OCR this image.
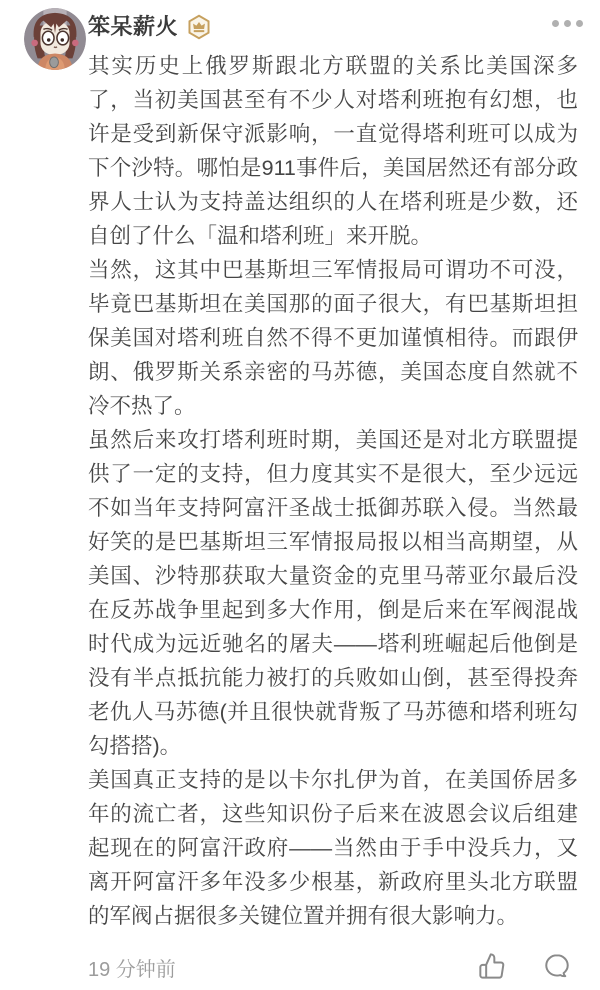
笨呆薪火

其实历史上俄罗斯跟北方联盟的关系比美国深多了，当初美国甚至有不少人对塔利班抱有幻想，也许是受到新保守派影响，一直觉得塔利班可以成为下个沙特。哪怕是911事件后，美国居然还有部分政界人士认为支持盖达组织的人在塔利班是少数，还自创了什么「温和塔利班」来开脱。

当然，这其中巴基斯坦三军情报局可谓功不可没，毕竟巴基斯坦在美国那的面子很大，有巴基斯坦担保美国对塔利班自然不得不更加谨慎相待。而跟伊朗、俄罗斯关系亲密的马苏德，美国态度自然就不冷不热了。

虽然后来攻打塔利班时期，美国还是对北方联盟提供了一定的支持，但力度其实不是很大，至少远远不如当年支持阿富汗圣战士抵御苏联入侵。当然最好笑的是巴基斯坦三军情报局报以相当高期望，从美国、沙特那获取大量资金的克里马蒂亚尔最后没在反苏战争里起到多大作用，倒是后来在军阀混战时代成为远近驰名的屠夫——塔利班崛起后他倒是没有半点抵抗能力被打的兵败如山倒，甚至得投奔老仇人马苏德(并且很快就背叛了马苏德和塔利班勾勾搭搭)。

美国真正支持的是以卡尔扎伊为首，在美国侨居多年的流亡者，这些知识份子后来在波恩会议后组建起现在的阿富汗政府——当然由于手中没兵力，又离开阿富汗多年没多少根基，新政府里头北方联盟的军阀占据很多关键位置并拥有很大影响力。

19 分钟前
